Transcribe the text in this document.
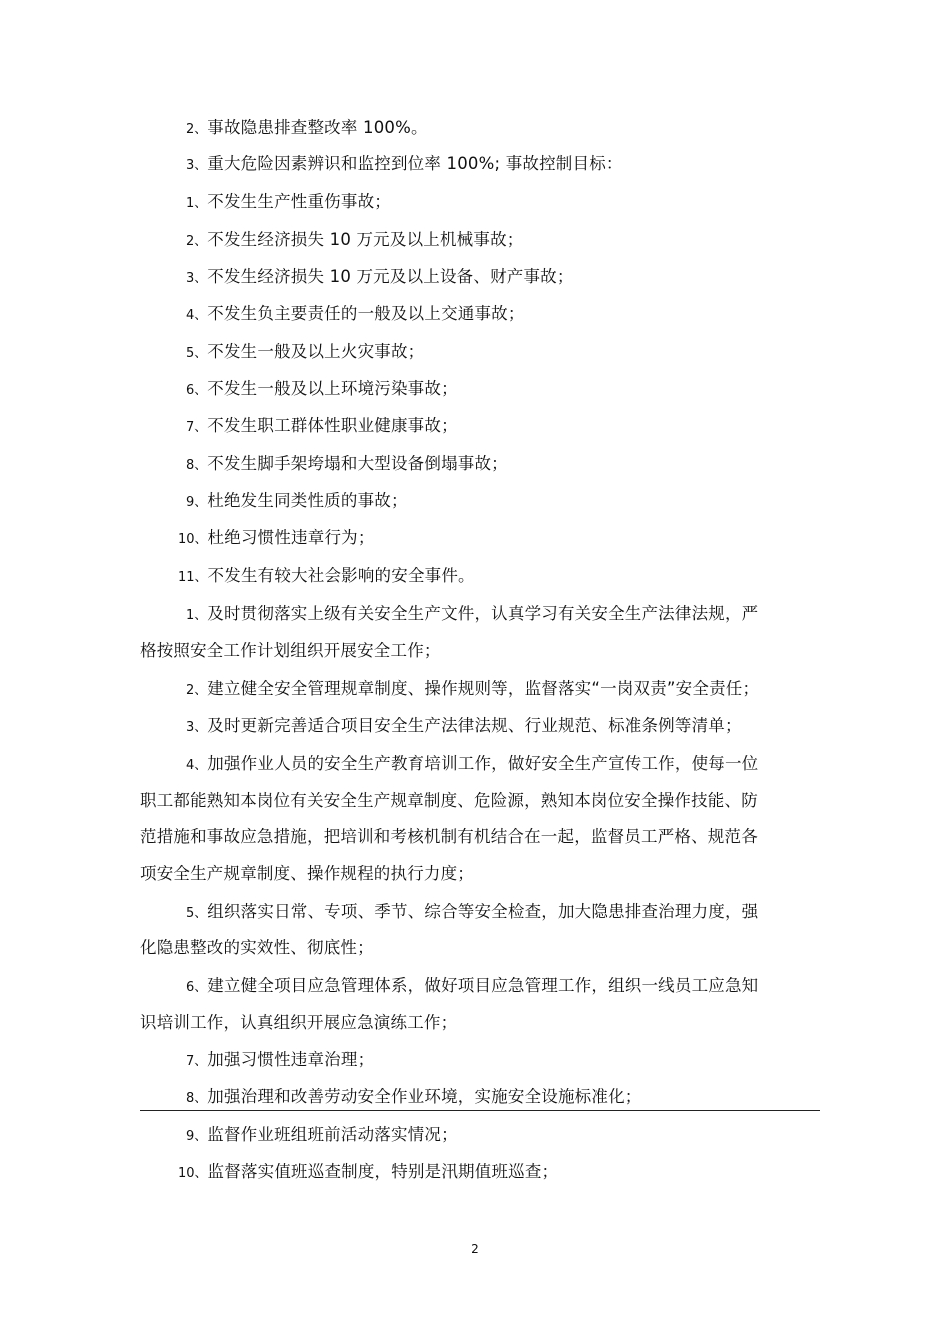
2、事故隐患排查整改率 100%。
3、重大危险因素辨识和监控到位率 100%; 事故控制目标：
1、不发生生产性重伤事故；
2、不发生经济损失 10 万元及以上机械事故；
3、不发生经济损失 10 万元及以上设备、财产事故；
4、不发生负主要责任的一般及以上交通事故；
5、不发生一般及以上火灾事故；
6、不发生一般及以上环境污染事故；
7、不发生职工群体性职业健康事故；
8、不发生脚手架垮塌和大型设备倒塌事故；
9、杜绝发生同类性质的事故；
10、杜绝习惯性违章行为；
11、不发生有较大社会影响的安全事件。
1、及时贯彻落实上级有关安全生产文件，认真学习有关安全生产法律法规，严
格按照安全工作计划组织开展安全工作；
2、建立健全安全管理规章制度、操作规则等，监督落实“一岗双责”安全责任；
3、及时更新完善适合项目安全生产法律法规、行业规范、标准条例等清单；
4、加强作业人员的安全生产教育培训工作，做好安全生产宣传工作，使每一位
职工都能熟知本岗位有关安全生产规章制度、危险源，熟知本岗位安全操作技能、防
范措施和事故应急措施，把培训和考核机制有机结合在一起，监督员工严格、规范各
项安全生产规章制度、操作规程的执行力度；
5、组织落实日常、专项、季节、综合等安全检查，加大隐患排查治理力度，强
化隐患整改的实效性、彻底性；
6、建立健全项目应急管理体系，做好项目应急管理工作，组织一线员工应急知
识培训工作，认真组织开展应急演练工作；
7、加强习惯性违章治理；
8、加强治理和改善劳动安全作业环境，实施安全设施标准化；
9、监督作业班组班前活动落实情况；
10、监督落实值班巡查制度，特别是汛期值班巡查；
2
